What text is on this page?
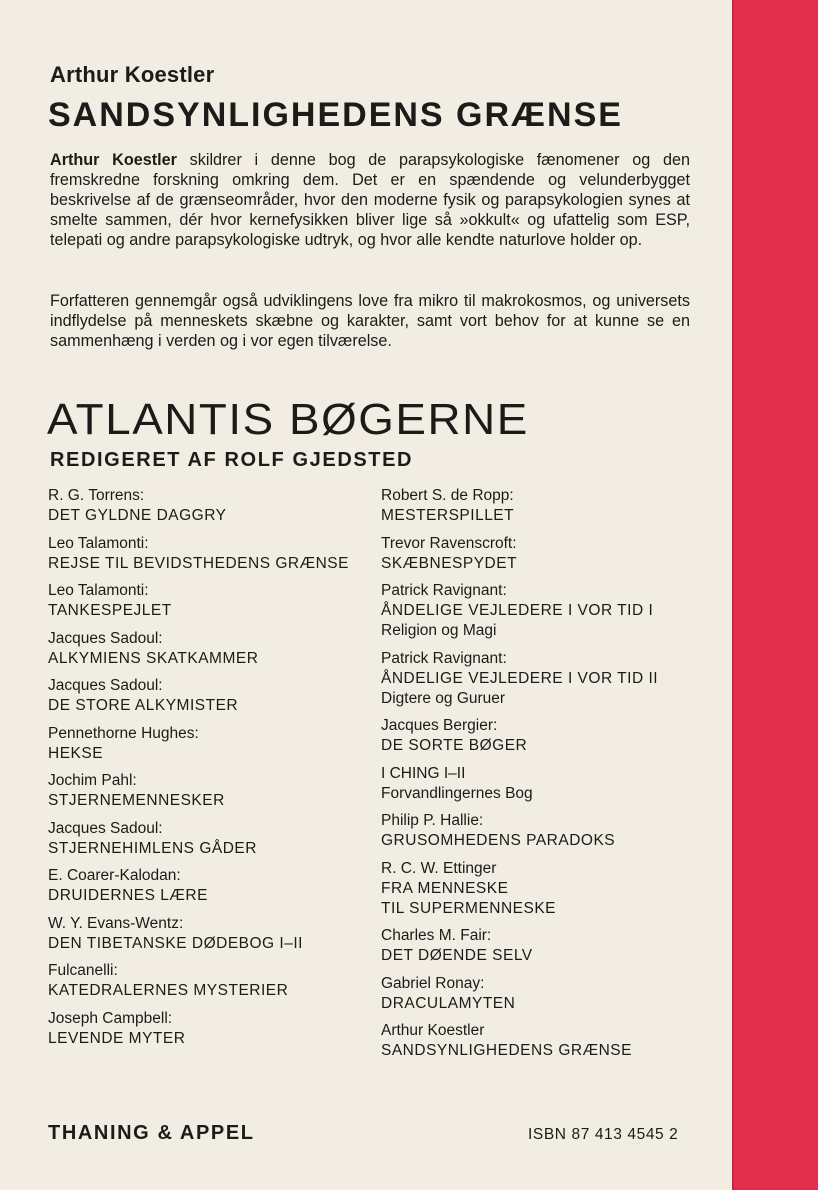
Arthur Koestler
SANDSYNLIGHEDENS GRÆNSE

Arthur Koestler skildrer i denne bog de parapsykologiske fænomener og den fremskredne forskning omkring dem. Det er en spændende og velunderbygget beskrivelse af de grænseområder, hvor den moderne fysik og parapsykologien synes at smelte sammen, dér hvor kernefysikken bliver lige så »okkult« og ufattelig som ESP, telepati og andre parapsykologiske udtryk, og hvor alle kendte naturlove holder op.

Forfatteren gennemgår også udviklingens love fra mikro til makrokosmos, og universets indflydelse på menneskets skæbne og karakter, samt vort behov for at kunne se en sammenhæng i verden og i vor egen tilværelse.

ATLANTIS BØGERNE
REDIGERET AF ROLF GJEDSTED
R. G. Torrens:
DET GYLDNE DAGGRY
Leo Talamonti:
REJSE TIL BEVIDSTHEDENS GRÆNSE
Leo Talamonti:
TANKESPEJLET
Jacques Sadoul:
ALKYMIENS SKATKAMMER
Jacques Sadoul:
DE STORE ALKYMISTER
Pennethorne Hughes:
HEKSE
Jochim Pahl:
STJERNEMENNESKER
Jacques Sadoul:
STJERNEHIMLENS GÅDER
E. Coarer-Kalodan:
DRUIDERNES LÆRE
W. Y. Evans-Wentz:
DEN TIBETANSKE DØDEBOG I–II
Fulcanelli:
KATEDRALERNES MYSTERIER
Joseph Campbell:
LEVENDE MYTER
Robert S. de Ropp:
MESTERSPILLET
Trevor Ravenscroft:
SKÆBNESPYDET
Patrick Ravignant:
ÅNDELIGE VEJLEDERE I VOR TID I
Religion og Magi
Patrick Ravignant:
ÅNDELIGE VEJLEDERE I VOR TID II
Digtere og Guruer
Jacques Bergier:
DE SORTE BØGER
I CHING I–II
Forvandlingernes Bog
Philip P. Hallie:
GRUSOMHEDENS PARADOKS
R. C. W. Ettinger
FRA MENNESKE
TIL SUPERMENNESKE
Charles M. Fair:
DET DØENDE SELV
Gabriel Ronay:
DRACULAMYTEN
Arthur Koestler
SANDSYNLIGHEDENS GRÆNSE
THANING & APPEL	ISBN 87 413 4545 2
